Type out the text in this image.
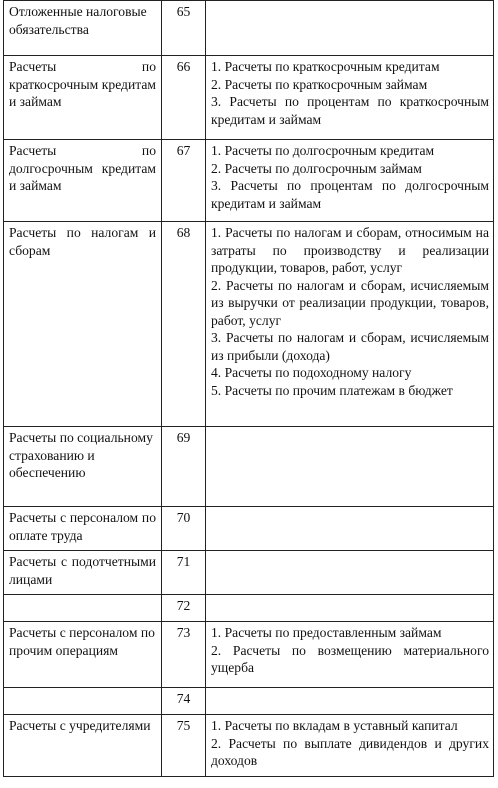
Отложенные налоговые обязательства	65	
Расчеты по краткосрочным кредитам и займам	66	1. Расчеты по краткосрочным кредитам
2. Расчеты по краткосрочным займам
3. Расчеты по процентам по краткосрочным кредитам и займам

Расчеты по долгосрочным кредитам и займам	67	1. Расчеты по долгосрочным кредитам
2. Расчеты по долгосрочным займам
3. Расчеты по процентам по долгосрочным кредитам и займам

Расчеты по налогам и сборам	68	1. Расчеты по налогам и сборам, относимым на затраты по производству и реализации продукции, товаров, работ, услуг
2. Расчеты по налогам и сборам, исчисляемым из выручки от реализации продукции, товаров, работ, услуг
3. Расчеты по налогам и сборам, исчисляемым из прибыли (дохода)
4. Расчеты по подоходному налогу
5. Расчеты по прочим платежам в бюджет

Расчеты по социальному страхованию и обеспечению	69	
Расчеты с персоналом по оплате труда	70	
Расчеты с подотчетными лицами	71	
	72	
Расчеты с персоналом по прочим операциям	73	1. Расчеты по предоставленным займам
2. Расчеты по возмещению материального ущерба

	74	
Расчеты с учредителями	75	1. Расчеты по вкладам в уставный капитал
2. Расчеты по выплате дивидендов и других доходов
